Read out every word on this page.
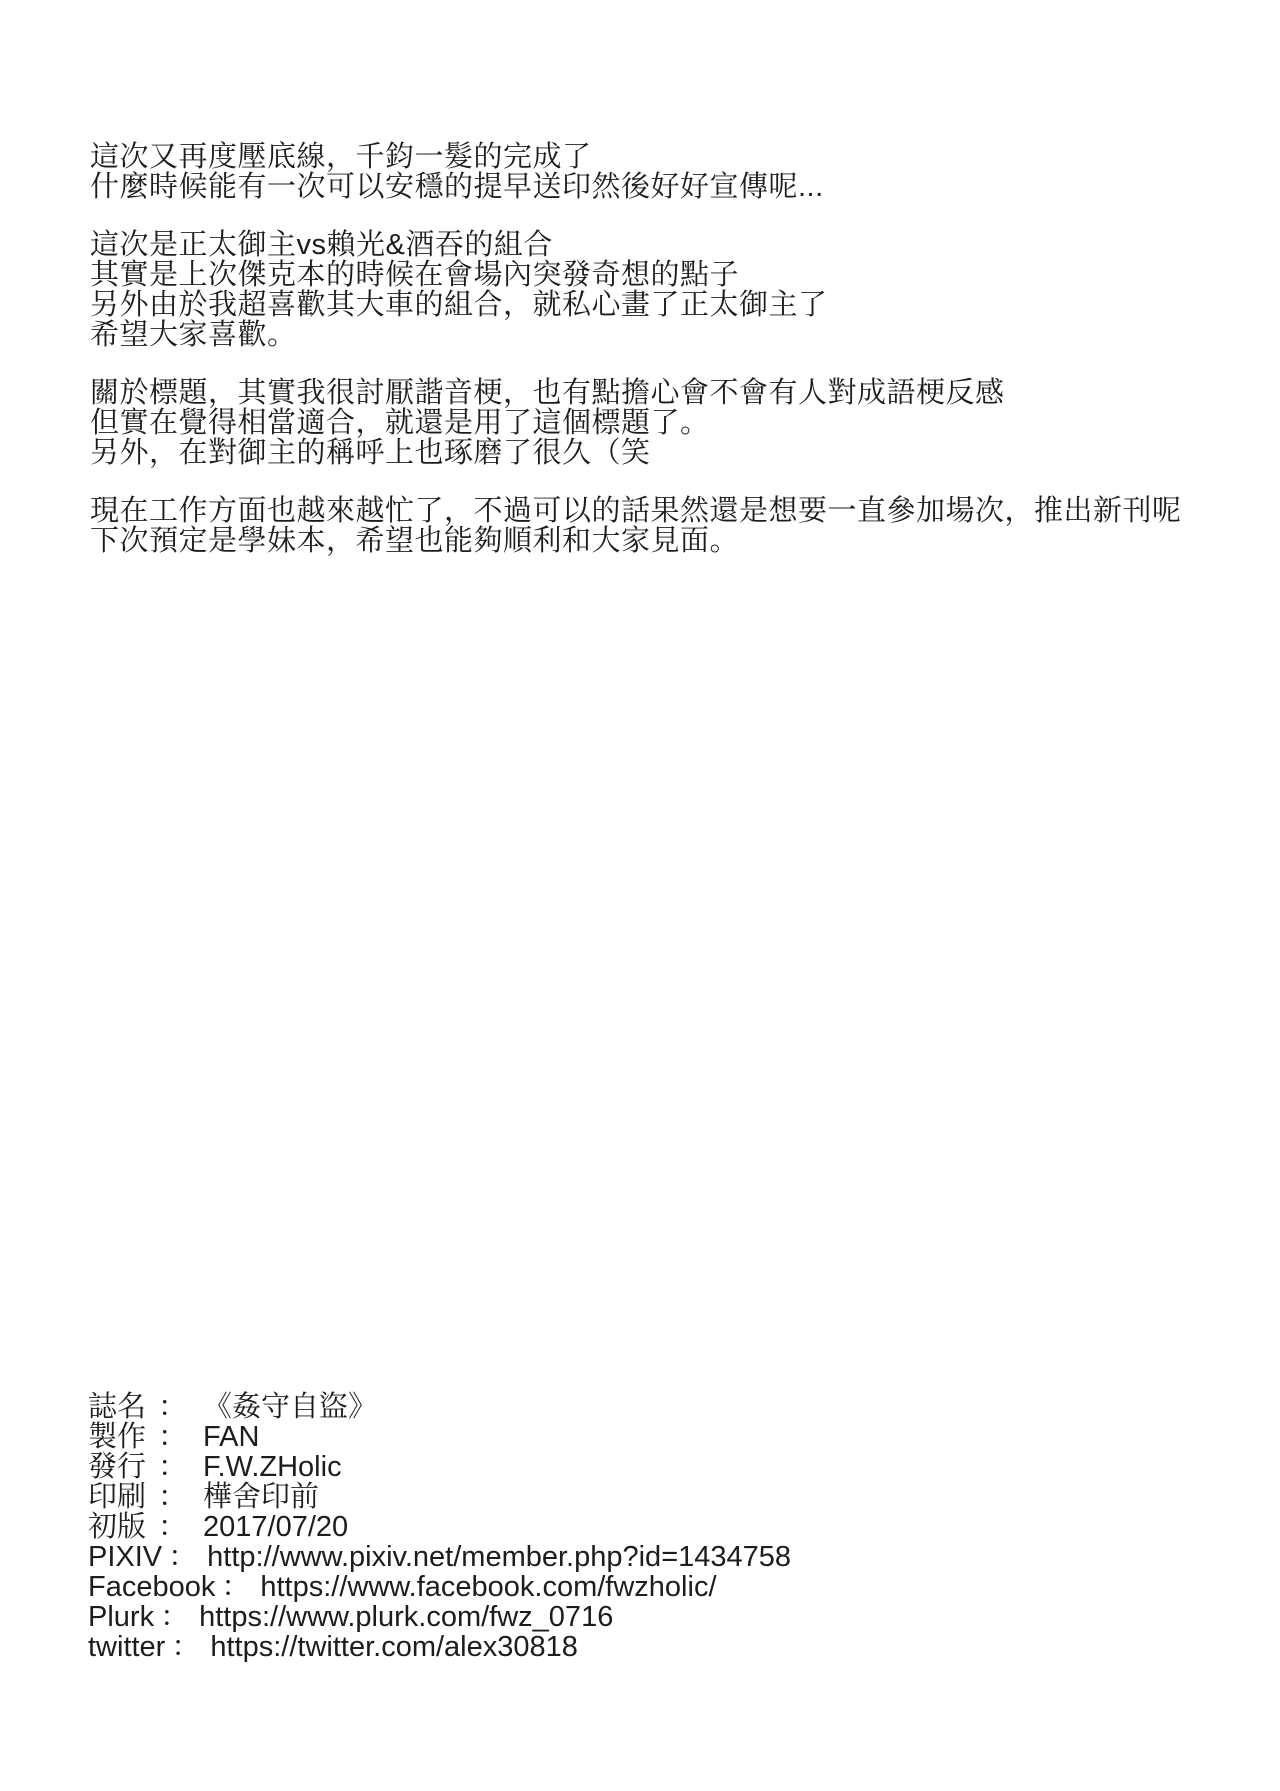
這次又再度壓底線，千鈞一髮的完成了
什麼時候能有一次可以安穩的提早送印然後好好宣傳呢...

這次是正太御主vs賴光&酒吞的組合
其實是上次傑克本的時候在會場內突發奇想的點子
另外由於我超喜歡其大車的組合，就私心畫了正太御主了
希望大家喜歡。

關於標題，其實我很討厭諧音梗，也有點擔心會不會有人對成語梗反感
但實在覺得相當適合，就還是用了這個標題了。
另外，在對御主的稱呼上也琢磨了很久（笑

現在工作方面也越來越忙了，不過可以的話果然還是想要一直參加場次，推出新刊呢
下次預定是學妹本，希望也能夠順利和大家見面。

誌名 ： 《姦守自盜》
製作 ： FAN
發行 ： F.W.ZHolic
印刷 ： 樺舍印前
初版 ： 2017/07/20
PIXIV ： http://www.pixiv.net/member.php?id=1434758
Facebook ： https://www.facebook.com/fwzholic/
Plurk ： https://www.plurk.com/fwz_0716
twitter ： https://twitter.com/alex30818
